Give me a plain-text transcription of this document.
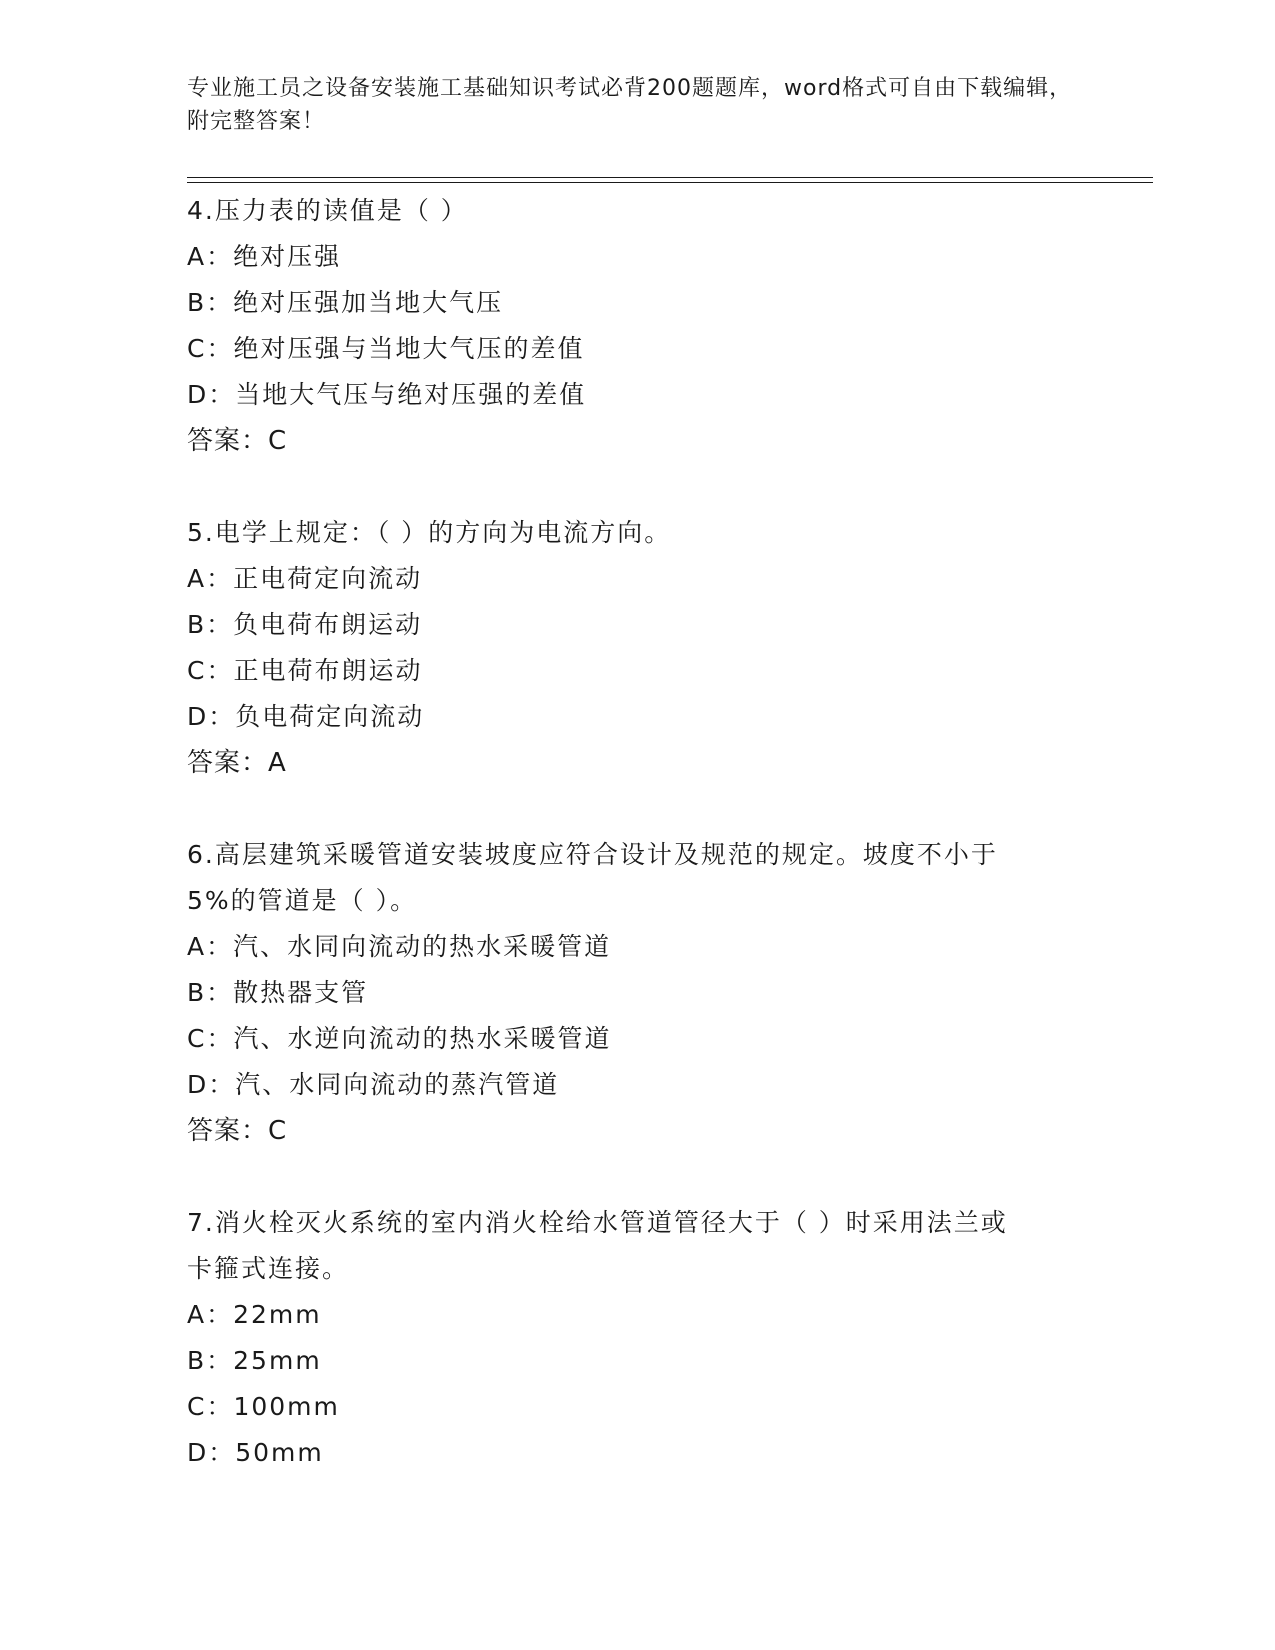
专业施工员之设备安装施工基础知识考试必背200题题库，word格式可自由下载编辑，附完整答案！
4.压力表的读值是（ ）
A：绝对压强
B：绝对压强加当地大气压
C：绝对压强与当地大气压的差值
D：当地大气压与绝对压强的差值
答案：C
5.电学上规定：（ ）的方向为电流方向。
A：正电荷定向流动
B：负电荷布朗运动
C：正电荷布朗运动
D：负电荷定向流动
答案：A
6.高层建筑采暖管道安装坡度应符合设计及规范的规定。坡度不小于
5%的管道是（ ）。
A：汽、水同向流动的热水采暖管道
B：散热器支管
C：汽、水逆向流动的热水采暖管道
D：汽、水同向流动的蒸汽管道
答案：C
7.消火栓灭火系统的室内消火栓给水管道管径大于（ ）时采用法兰或
卡箍式连接。
A：22mm
B：25mm
C：100mm
D：50mm
